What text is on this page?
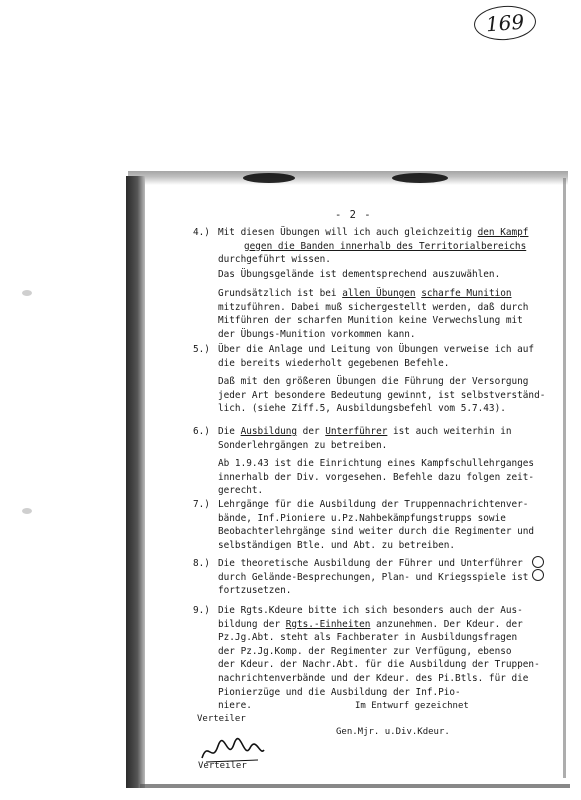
169
- 2 -
4.) Mit diesen Übungen will ich auch gleichzeitig den Kampf
gegen die Banden innerhalb des Territorialbereichs
durchgeführt wissen.
Das Übungsgelände ist dementsprechend auszuwählen.
Grundsätzlich ist bei allen Übungen scharfe Munition
mitzuführen. Dabei muß sichergestellt werden, daß durch
Mitführen der scharfen Munition keine Verwechslung mit
der Übungs-Munition vorkommen kann.
5.) Über die Anlage und Leitung von Übungen verweise ich auf
die bereits wiederholt gegebenen Befehle.
Daß mit den größeren Übungen die Führung der Versorgung
jeder Art besondere Bedeutung gewinnt, ist selbstverständ-
lich. (siehe Ziff.5, Ausbildungsbefehl vom 5.7.43).
6.) Die Ausbildung der Unterführer ist auch weiterhin in
Sonderlehrgängen zu betreiben.
Ab 1.9.43 ist die Einrichtung eines Kampfschullehrganges
innerhalb der Div. vorgesehen. Befehle dazu folgen zeit-
gerecht.
7.) Lehrgänge für die Ausbildung der Truppennachrichtenver-
bände, Inf.Pioniere u.Pz.Nahbekämpfungstrupps sowie
Beobachterlehrgänge sind weiter durch die Regimenter und
selbständigen Btle. und Abt. zu betreiben.
8.) Die theoretische Ausbildung der Führer und Unterführer
durch Gelände-Besprechungen, Plan- und Kriegsspiele ist
fortzusetzen.
9.) Die Rgts.Kdeure bitte ich sich besonders auch der Aus-
bildung der Rgts.-Einheiten anzunehmen. Der Kdeur. der
Pz.Jg.Abt. steht als Fachberater in Ausbildungsfragen
der Pz.Jg.Komp. der Regimenter zur Verfügung, ebenso
der Kdeur. der Nachr.Abt. für die Ausbildung der Truppen-
nachrichtenverbände und der Kdeur. des Pi.Btls. für die
Pionierzüge und die Ausbildung der Inf.Pio-
niere.
Verteiler
Im Entwurf gezeichnet
Gen.Mjr. u.Div.Kdeur.
Verteiler
